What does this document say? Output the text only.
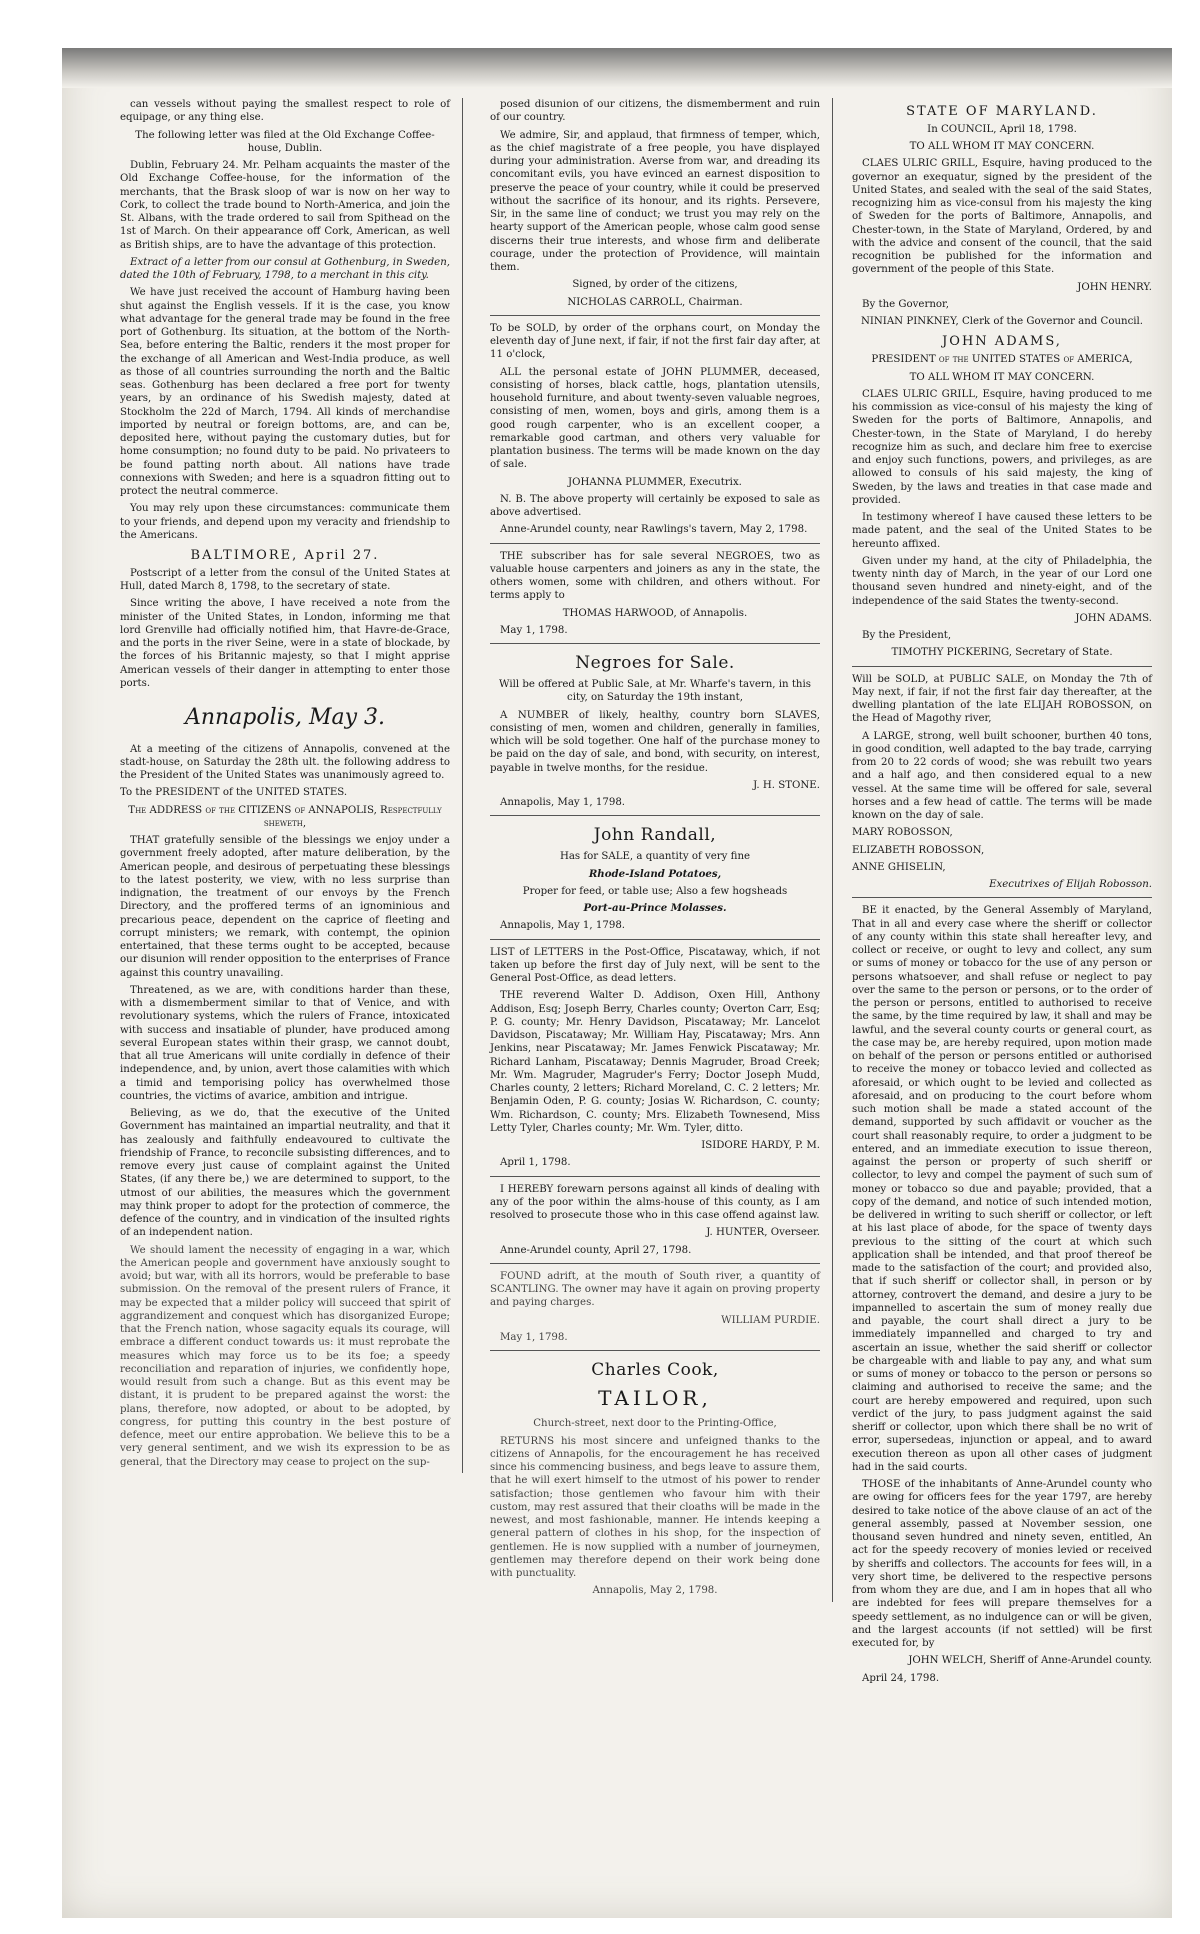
can vessels without paying the smallest respect to role of equipage, or any thing else.

The following letter was filed at the Old Exchange Coffee-house, Dublin.

Dublin, February 24. Mr. Pelham acquaints the master of the Old Exchange Coffee-house, for the information of the merchants, that the Brask sloop of war is now on her way to Cork, to collect the trade bound to North-America, and join the St. Albans, with the trade ordered to sail from Spithead on the 1st of March. On their appearance off Cork, American, as well as British ships, are to have the advantage of this protection.

Extract of a letter from our consul at Gothenburg, in Sweden, dated the 10th of February, 1798, to a merchant in this city.

We have just received the account of Hamburg having been shut against the English vessels. If it is the case, you know what advantage for the general trade may be found in the free port of Gothenburg. Its situation, at the bottom of the North-Sea, before entering the Baltic, renders it the most proper for the exchange of all American and West-India produce, as well as those of all countries surrounding the north and the Baltic seas. Gothenburg has been declared a free port for twenty years, by an ordinance of his Swedish majesty, dated at Stockholm the 22d of March, 1794. All kinds of merchandise imported by neutral or foreign bottoms, are, and can be, deposited here, without paying the customary duties, but for home consumption; no found duty to be paid. No privateers to be found patting north about. All nations have trade connexions with Sweden; and here is a squadron fitting out to protect the neutral commerce.

You may rely upon these circumstances: communicate them to your friends, and depend upon my veracity and friendship to the Americans.

BALTIMORE, April 27.

Postscript of a letter from the consul of the United States at Hull, dated March 8, 1798, to the secretary of state.

Since writing the above, I have received a note from the minister of the United States, in London, informing me that lord Grenville had officially notified him, that Havre-de-Grace, and the ports in the river Seine, were in a state of blockade, by the forces of his Britannic majesty, so that I might apprise American vessels of their danger in attempting to enter those ports.

Annapolis, May 3.

At a meeting of the citizens of Annapolis, convened at the stadt-house, on Saturday the 28th ult. the following address to the President of the United States was unanimously agreed to.

To the PRESIDENT of the UNITED STATES.

The ADDRESS of the CITIZENS of ANNAPOLIS, Respectfully sheweth,

THAT gratefully sensible of the blessings we enjoy under a government freely adopted, after mature deliberation, by the American people, and desirous of perpetuating these blessings to the latest posterity, we view, with no less surprise than indignation, the treatment of our envoys by the French Directory, and the proffered terms of an ignominious and precarious peace, dependent on the caprice of fleeting and corrupt ministers; we remark, with contempt, the opinion entertained, that these terms ought to be accepted, because our disunion will render opposition to the enterprises of France against this country unavailing.

Threatened, as we are, with conditions harder than these, with a dismemberment similar to that of Venice, and with revolutionary systems, which the rulers of France, intoxicated with success and insatiable of plunder, have produced among several European states within their grasp, we cannot doubt, that all true Americans will unite cordially in defence of their independence, and, by union, avert those calamities with which a timid and temporising policy has overwhelmed those countries, the victims of avarice, ambition and intrigue.

Believing, as we do, that the executive of the United Government has maintained an impartial neutrality, and that it has zealously and faithfully endeavoured to cultivate the friendship of France, to reconcile subsisting differences, and to remove every just cause of complaint against the United States, (if any there be,) we are determined to support, to the utmost of our abilities, the measures which the government may think proper to adopt for the protection of commerce, the defence of the country, and in vindication of the insulted rights of an independent nation.

We should lament the necessity of engaging in a war, which the American people and government have anxiously sought to avoid; but war, with all its horrors, would be preferable to base submission. On the removal of the present rulers of France, it may be expected that a milder policy will succeed that spirit of aggrandizement and conquest which has disorganized Europe; that the French nation, whose sagacity equals its courage, will embrace a different conduct towards us: it must reprobate the measures which may force us to be its foe; a speedy reconciliation and reparation of injuries, we confidently hope, would result from such a change. But as this event may be distant, it is prudent to be prepared against the worst: the plans, therefore, now adopted, or about to be adopted, by congress, for putting this country in the best posture of defence, meet our entire approbation. We believe this to be a very general sentiment, and we wish its expression to be as general, that the Directory may cease to project on the sup-

posed disunion of our citizens, the dismemberment and ruin of our country.

We admire, Sir, and applaud, that firmness of temper, which, as the chief magistrate of a free people, you have displayed during your administration. Averse from war, and dreading its concomitant evils, you have evinced an earnest disposition to preserve the peace of your country, while it could be preserved without the sacrifice of its honour, and its rights. Persevere, Sir, in the same line of conduct; we trust you may rely on the hearty support of the American people, whose calm good sense discerns their true interests, and whose firm and deliberate courage, under the protection of Providence, will maintain them.

Signed, by order of the citizens,

NICHOLAS CARROLL, Chairman.

To be SOLD, by order of the orphans court, on Monday the eleventh day of June next, if fair, if not the first fair day after, at 11 o'clock,

ALL the personal estate of JOHN PLUMMER, deceased, consisting of horses, black cattle, hogs, plantation utensils, household furniture, and about twenty-seven valuable negroes, consisting of men, women, boys and girls, among them is a good rough carpenter, who is an excellent cooper, a remarkable good cartman, and others very valuable for plantation business. The terms will be made known on the day of sale.

JOHANNA PLUMMER, Executrix.

N. B. The above property will certainly be exposed to sale as above advertised.

Anne-Arundel county, near Rawlings's tavern, May 2, 1798.

THE subscriber has for sale several NEGROES, two as valuable house carpenters and joiners as any in the state, the others women, some with children, and others without. For terms apply to

THOMAS HARWOOD, of Annapolis.

May 1, 1798.

Negroes for Sale.

Will be offered at Public Sale, at Mr. Wharfe's tavern, in this city, on Saturday the 19th instant,

A NUMBER of likely, healthy, country born SLAVES, consisting of men, women and children, generally in families, which will be sold together. One half of the purchase money to be paid on the day of sale, and bond, with security, on interest, payable in twelve months, for the residue.

J. H. STONE.

Annapolis, May 1, 1798.

John Randall,

Has for SALE, a quantity of very fine

Rhode-Island Potatoes,

Proper for feed, or table use; Also a few hogsheads

Port-au-Prince Molasses.

Annapolis, May 1, 1798.

LIST of LETTERS in the Post-Office, Piscataway, which, if not taken up before the first day of July next, will be sent to the General Post-Office, as dead letters.

THE reverend Walter D. Addison, Oxen Hill, Anthony Addison, Esq; Joseph Berry, Charles county; Overton Carr, Esq; P. G. county; Mr. Henry Davidson, Piscataway; Mr. Lancelot Davidson, Piscataway; Mr. William Hay, Piscataway; Mrs. Ann Jenkins, near Piscataway; Mr. James Fenwick Piscataway; Mr. Richard Lanham, Piscataway; Dennis Magruder, Broad Creek; Mr. Wm. Magruder, Magruder's Ferry; Doctor Joseph Mudd, Charles county, 2 letters; Richard Moreland, C. C. 2 letters; Mr. Benjamin Oden, P. G. county; Josias W. Richardson, C. county; Wm. Richardson, C. county; Mrs. Elizabeth Townesend, Miss Letty Tyler, Charles county; Mr. Wm. Tyler, ditto.

ISIDORE HARDY, P. M.

April 1, 1798.

I HEREBY forewarn persons against all kinds of dealing with any of the poor within the alms-house of this county, as I am resolved to prosecute those who in this case offend against law.

J. HUNTER, Overseer.

Anne-Arundel county, April 27, 1798.

FOUND adrift, at the mouth of South river, a quantity of SCANTLING. The owner may have it again on proving property and paying charges.

WILLIAM PURDIE.

May 1, 1798.

Charles Cook,
TAILOR,

Church-street, next door to the Printing-Office,

RETURNS his most sincere and unfeigned thanks to the citizens of Annapolis, for the encouragement he has received since his commencing business, and begs leave to assure them, that he will exert himself to the utmost of his power to render satisfaction; those gentlemen who favour him with their custom, may rest assured that their cloaths will be made in the newest, and most fashionable, manner. He intends keeping a general pattern of clothes in his shop, for the inspection of gentlemen. He is now supplied with a number of journeymen, gentlemen may therefore depend on their work being done with punctuality.

Annapolis, May 2, 1798.

STATE OF MARYLAND.

In COUNCIL, April 18, 1798.

TO ALL WHOM IT MAY CONCERN.

CLAES ULRIC GRILL, Esquire, having produced to the governor an exequatur, signed by the president of the United States, and sealed with the seal of the said States, recognizing him as vice-consul from his majesty the king of Sweden for the ports of Baltimore, Annapolis, and Chester-town, in the State of Maryland, Ordered, by and with the advice and consent of the council, that the said recognition be published for the information and government of the people of this State.

JOHN HENRY.

By the Governor,

NINIAN PINKNEY, Clerk of the Governor and Council.

JOHN ADAMS,

PRESIDENT of the UNITED STATES of AMERICA,

TO ALL WHOM IT MAY CONCERN.

CLAES ULRIC GRILL, Esquire, having produced to me his commission as vice-consul of his majesty the king of Sweden for the ports of Baltimore, Annapolis, and Chester-town, in the State of Maryland, I do hereby recognize him as such, and declare him free to exercise and enjoy such functions, powers, and privileges, as are allowed to consuls of his said majesty, the king of Sweden, by the laws and treaties in that case made and provided.

In testimony whereof I have caused these letters to be made patent, and the seal of the United States to be hereunto affixed.

Given under my hand, at the city of Philadelphia, the twenty ninth day of March, in the year of our Lord one thousand seven hundred and ninety-eight, and of the independence of the said States the twenty-second.

JOHN ADAMS.

By the President,

TIMOTHY PICKERING, Secretary of State.

Will be SOLD, at PUBLIC SALE, on Monday the 7th of May next, if fair, if not the first fair day thereafter, at the dwelling plantation of the late ELIJAH ROBOSSON, on the Head of Magothy river,

A LARGE, strong, well built schooner, burthen 40 tons, in good condition, well adapted to the bay trade, carrying from 20 to 22 cords of wood; she was rebuilt two years and a half ago, and then considered equal to a new vessel. At the same time will be offered for sale, several horses and a few head of cattle. The terms will be made known on the day of sale.

MARY ROBOSSON,

ELIZABETH ROBOSSON,

ANNE GHISELIN,

Executrixes of Elijah Robosson.

BE it enacted, by the General Assembly of Maryland, That in all and every case where the sheriff or collector of any county within this state shall hereafter levy, and collect or receive, or ought to levy and collect, any sum or sums of money or tobacco for the use of any person or persons whatsoever, and shall refuse or neglect to pay over the same to the person or persons, or to the order of the person or persons, entitled to authorised to receive the same, by the time required by law, it shall and may be lawful, and the several county courts or general court, as the case may be, are hereby required, upon motion made on behalf of the person or persons entitled or authorised to receive the money or tobacco levied and collected as aforesaid, or which ought to be levied and collected as aforesaid, and on producing to the court before whom such motion shall be made a stated account of the demand, supported by such affidavit or voucher as the court shall reasonably require, to order a judgment to be entered, and an immediate execution to issue thereon, against the person or property of such sheriff or collector, to levy and compel the payment of such sum of money or tobacco so due and payable; provided, that a copy of the demand, and notice of such intended motion, be delivered in writing to such sheriff or collector, or left at his last place of abode, for the space of twenty days previous to the sitting of the court at which such application shall be intended, and that proof thereof be made to the satisfaction of the court; and provided also, that if such sheriff or collector shall, in person or by attorney, controvert the demand, and desire a jury to be impannelled to ascertain the sum of money really due and payable, the court shall direct a jury to be immediately impannelled and charged to try and ascertain an issue, whether the said sheriff or collector be chargeable with and liable to pay any, and what sum or sums of money or tobacco to the person or persons so claiming and authorised to receive the same; and the court are hereby empowered and required, upon such verdict of the jury, to pass judgment against the said sheriff or collector, upon which there shall be no writ of error, supersedeas, injunction or appeal, and to award execution thereon as upon all other cases of judgment had in the said courts.

THOSE of the inhabitants of Anne-Arundel county who are owing for officers fees for the year 1797, are hereby desired to take notice of the above clause of an act of the general assembly, passed at November session, one thousand seven hundred and ninety seven, entitled, An act for the speedy recovery of monies levied or received by sheriffs and collectors. The accounts for fees will, in a very short time, be delivered to the respective persons from whom they are due, and I am in hopes that all who are indebted for fees will prepare themselves for a speedy settlement, as no indulgence can or will be given, and the largest accounts (if not settled) will be first executed for, by

JOHN WELCH, Sheriff of Anne-Arundel county.

April 24, 1798.
